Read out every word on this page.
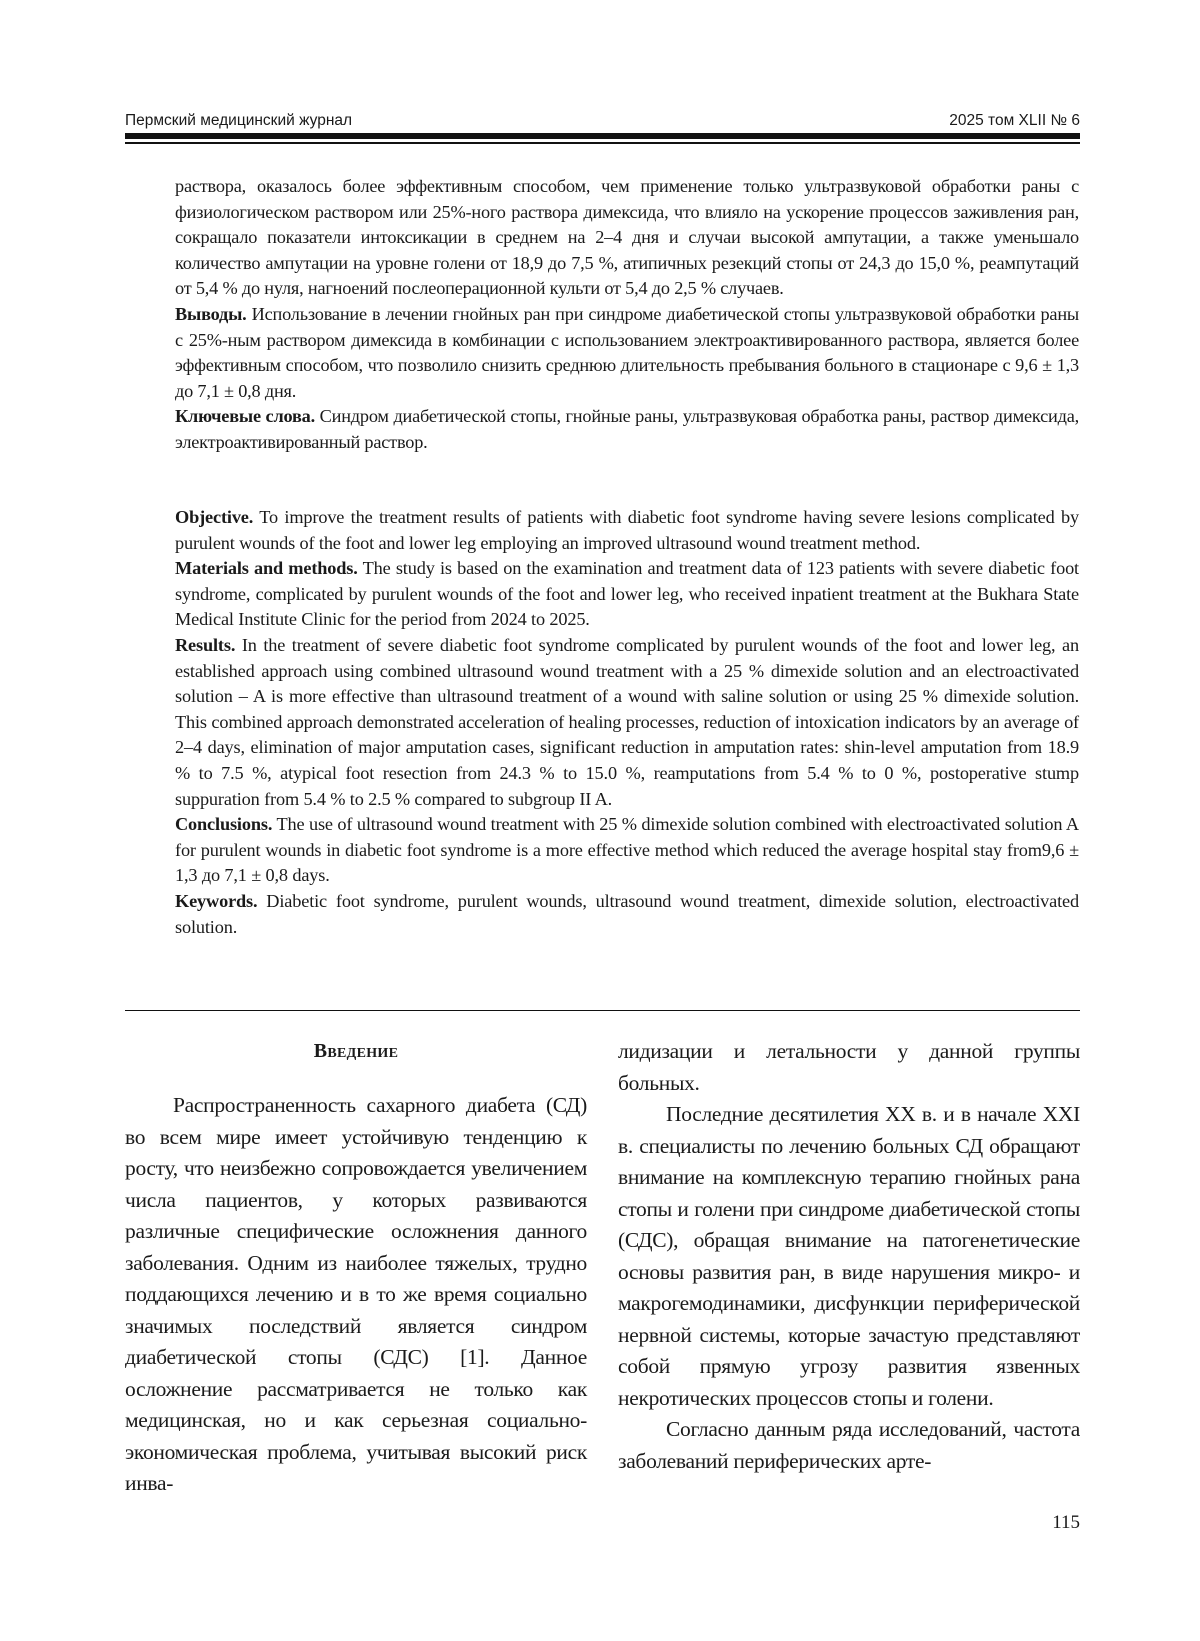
Пермский медицинский журнал	2025 том XLII № 6

раствора, оказалось более эффективным способом, чем применение только ультразвуковой обработки раны с физиологическом раствором или 25%-ного раствора димексида, что влияло на ускорение процессов заживления ран, сокращало показатели интоксикации в среднем на 2–4 дня и случаи высокой ампутации, а также уменьшало количество ампутации на уровне голени от 18,9 до 7,5 %, атипичных резекций стопы от 24,3 до 15,0 %, реампутаций от 5,4 % до нуля, нагноений послеоперационной культи от 5,4 до 2,5 % случаев.

Выводы. Использование в лечении гнойных ран при синдроме диабетической стопы ультразвуковой обработки раны с 25%-ным раствором димексида в комбинации с использованием электроактивированного раствора, является более эффективным способом, что позволило снизить среднюю длительность пребывания больного в стационаре с 9,6 ± 1,3 до 7,1 ± 0,8 дня.

Ключевые слова. Синдром диабетической стопы, гнойные раны, ультразвуковая обработка раны, раствор димексида, электроактивированный раствор.

Objective. To improve the treatment results of patients with diabetic foot syndrome having severe lesions complicated by purulent wounds of the foot and lower leg employing an improved ultrasound wound treatment method.

Materials and methods. The study is based on the examination and treatment data of 123 patients with severe diabetic foot syndrome, complicated by purulent wounds of the foot and lower leg, who received inpatient treatment at the Bukhara State Medical Institute Clinic for the period from 2024 to 2025.

Results. In the treatment of severe diabetic foot syndrome complicated by purulent wounds of the foot and lower leg, an established approach using combined ultrasound wound treatment with a 25 % dimexide solution and an electroactivated solution – A is more effective than ultrasound treatment of a wound with saline solution or using 25 % dimexide solution. This combined approach demonstrated acceleration of healing processes, reduction of intoxication indicators by an average of 2–4 days, elimination of major amputation cases, significant reduction in amputation rates: shin-level amputation from 18.9 % to 7.5 %, atypical foot resection from 24.3 % to 15.0 %, reamputations from 5.4 % to 0 %, postoperative stump suppuration from 5.4 % to 2.5 % compared to subgroup II A.

Conclusions. The use of ultrasound wound treatment with 25 % dimexide solution combined with electroactivated solution A for purulent wounds in diabetic foot syndrome is a more effective method which reduced the average hospital stay from9,6 ± 1,3 до 7,1 ± 0,8 days.

Keywords. Diabetic foot syndrome, purulent wounds, ultrasound wound treatment, dimexide solution, electroactivated solution.

Введение

Распространенность сахарного диабета (СД) во всем мире имеет устойчивую тенденцию к росту, что неизбежно сопровождается увеличением числа пациентов, у которых развиваются различные специфические осложнения данного заболевания. Одним из наиболее тяжелых, трудно поддающихся лечению и в то же время социально значимых последствий является синдром диабетической стопы (СДС) [1]. Данное осложнение рассматривается не только как медицинская, но и как серьезная социально-экономическая проблема, учитывая высокий риск инва-

лидизации и летальности у данной группы больных.

Последние десятилетия XX в. и в начале XXI в. специалисты по лечению больных СД обращают внимание на комплексную терапию гнойных рана стопы и голени при синдроме диабетической стопы (СДС), обращая внимание на патогенетические основы развития ран, в виде нарушения микро- и макрогемодинамики, дисфункции периферической нервной системы, которые зачастую представляют собой прямую угрозу развития язвенных некротических процессов стопы и голени.

Согласно данным ряда исследований, частота заболеваний периферических арте-

115
